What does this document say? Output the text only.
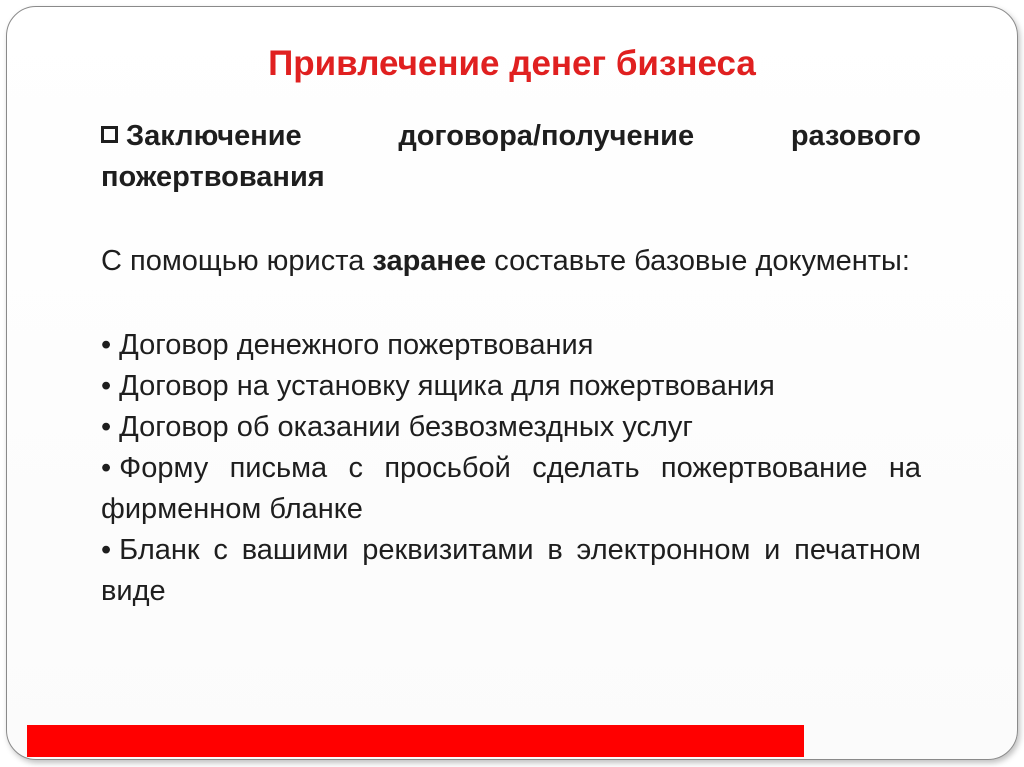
Привлечение денег бизнеса
Заключение договора/получение разового пожертвования
С помощью юриста заранее составьте базовые документы:
• Договор денежного пожертвования
• Договор на установку ящика для пожертвования
• Договор об оказании безвозмездных услуг
• Форму письма с просьбой сделать пожертвование на фирменном бланке
• Бланк с вашими реквизитами в электронном и печатном виде
